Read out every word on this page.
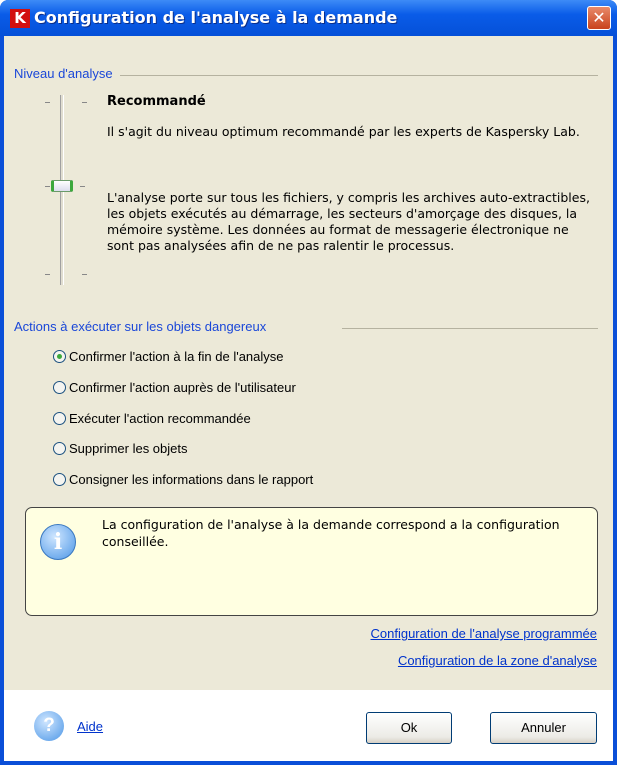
K Configuration de l'analyse à la demande	✕
Niveau d'analyse
Recommandé
Il s'agit du niveau optimum recommandé par les experts de Kaspersky Lab.
L'analyse porte sur tous les fichiers, y compris les archives auto-extractibles, les objets exécutés au démarrage, les secteurs d'amorçage des disques, la mémoire système. Les données au format de messagerie électronique ne sont pas analysées afin de ne pas ralentir le processus.
Actions à exécuter sur les objets dangereux
Confirmer l'action à la fin de l'analyse
Confirmer l'action auprès de l'utilisateur
Exécuter l'action recommandée
Supprimer les objets
Consigner les informations dans le rapport
i
La configuration de l'analyse à la demande correspond a la configuration conseillée.
Configuration de l'analyse programmée
Configuration de la zone d'analyse
?	Aide	Ok	Annuler
